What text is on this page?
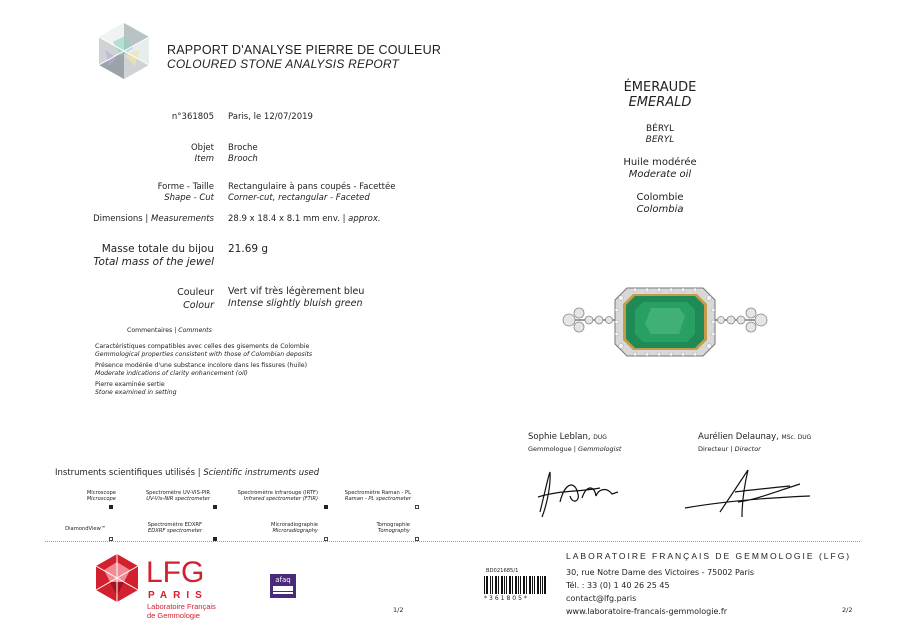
RAPPORT D'ANALYSE PIERRE DE COULEUR
COLOURED STONE ANALYSIS REPORT
n°361805 Paris, le 12/07/2019
Objet
Item
Broche
Brooch
Forme - Taille
Shape - Cut
Rectangulaire à pans coupés - Facettée
Corner-cut, rectangular - Faceted
Dimensions | Measurements 28.9 x 18.4 x 8.1 mm env. | approx.
Masse totale du bijou
Total mass of the jewel
21.69 g
Couleur
Colour
Vert vif très légèrement bleu
Intense slightly bluish green
Commentaires | Comments
Caractéristiques compatibles avec celles des gisements de Colombie
Gemmological properties consistent with those of Colombian deposits
Présence modérée d'une substance incolore dans les fissures (huile)
Moderate indications of clarity enhancement (oil)
Pierre examinée sertie
Stone examined in setting
ÉMERAUDE
EMERALD
BÉRYL
BERYL
Huile modérée
Moderate oil
Colombie
Colombia
Sophie Leblan, DUG
Gemmologue | Gemmologist
Aurélien Delaunay, MSc. DUG
Directeur | Director
Instruments scientifiques utilisés | Scientific instruments used
Microscope
Microscope
Spectromètre UV-VIS-PIR
UV-Vis-NIR spectrometer
Spectromètre infrarouge (IRTF)
Infrared spectrometer (FTIR)
Spectromètre Raman - PL
Raman - PL spectrometer
DiamondView™
Spectromètre EDXRF
EDXRF spectrometer
Microradiographie
Microradiography
Tomographie
Tomography
LFG
PARIS
Laboratoire Français
de Gemmologie
afaq
1/2
BD021685/1
*361805*
LABORATOIRE FRANÇAIS DE GEMMOLOGIE (LFG)
30, rue Notre Dame des Victoires - 75002 Paris
Tél. : 33 (0) 1 40 26 25 45
contact@lfg.paris
www.laboratoire-francais-gemmologie.fr	2/2
